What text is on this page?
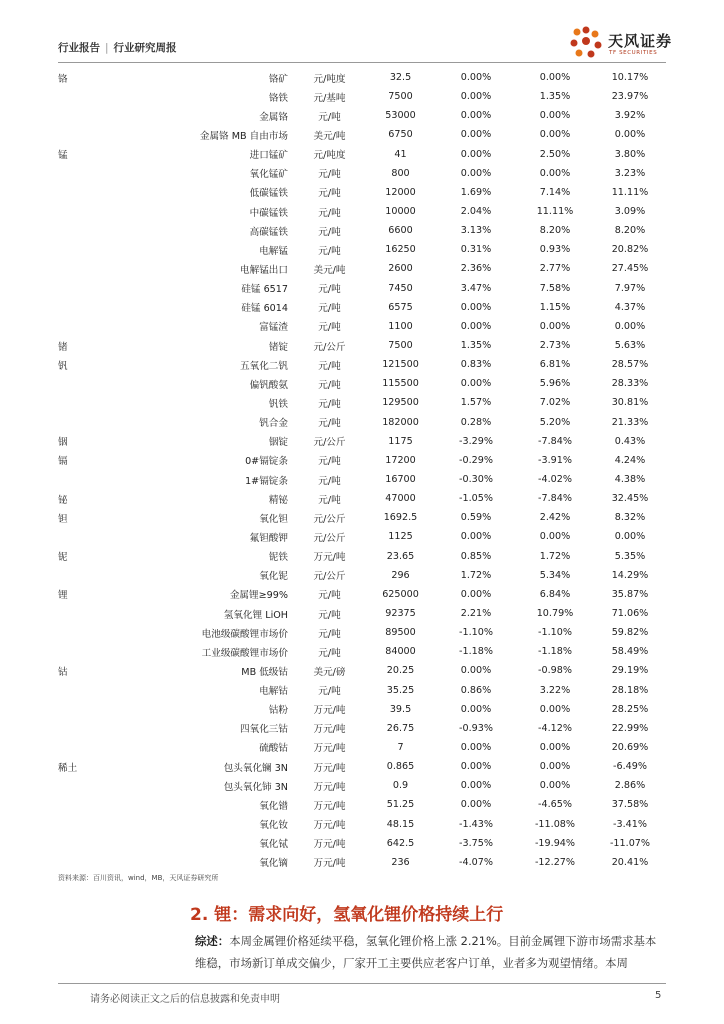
行业报告 | 行业研究周报	天风证券
TF SECURITIES
铬	铬矿	元/吨度	32.5	0.00%	0.00%	10.17%
	铬铁	元/基吨	7500	0.00%	1.35%	23.97%
	金属铬	元/吨	53000	0.00%	0.00%	3.92%
	金属铬 MB 自由市场	美元/吨	6750	0.00%	0.00%	0.00%
锰	进口锰矿	元/吨度	41	0.00%	2.50%	3.80%
	氧化锰矿	元/吨	800	0.00%	0.00%	3.23%
	低碳锰铁	元/吨	12000	1.69%	7.14%	11.11%
	中碳锰铁	元/吨	10000	2.04%	11.11%	3.09%
	高碳锰铁	元/吨	6600	3.13%	8.20%	8.20%
	电解锰	元/吨	16250	0.31%	0.93%	20.82%
	电解锰出口	美元/吨	2600	2.36%	2.77%	27.45%
	硅锰 6517	元/吨	7450	3.47%	7.58%	7.97%
	硅锰 6014	元/吨	6575	0.00%	1.15%	4.37%
	富锰渣	元/吨	1100	0.00%	0.00%	0.00%
锗	锗锭	元/公斤	7500	1.35%	2.73%	5.63%
钒	五氧化二钒	元/吨	121500	0.83%	6.81%	28.57%
	偏钒酸氨	元/吨	115500	0.00%	5.96%	28.33%
	钒铁	元/吨	129500	1.57%	7.02%	30.81%
	钒合金	元/吨	182000	0.28%	5.20%	21.33%
铟	铟锭	元/公斤	1175	-3.29%	-7.84%	0.43%
镉	0#镉锭条	元/吨	17200	-0.29%	-3.91%	4.24%
	1#镉锭条	元/吨	16700	-0.30%	-4.02%	4.38%
铋	精铋	元/吨	47000	-1.05%	-7.84%	32.45%
钽	氧化钽	元/公斤	1692.5	0.59%	2.42%	8.32%
	氟钽酸钾	元/公斤	1125	0.00%	0.00%	0.00%
铌	铌铁	万元/吨	23.65	0.85%	1.72%	5.35%
	氧化铌	元/公斤	296	1.72%	5.34%	14.29%
锂	金属锂≥99%	元/吨	625000	0.00%	6.84%	35.87%
	氢氧化锂 LiOH	元/吨	92375	2.21%	10.79%	71.06%
	电池级碳酸锂市场价	元/吨	89500	-1.10%	-1.10%	59.82%
	工业级碳酸锂市场价	元/吨	84000	-1.18%	-1.18%	58.49%
钴	MB 低级钴	美元/磅	20.25	0.00%	-0.98%	29.19%
	电解钴	元/吨	35.25	0.86%	3.22%	28.18%
	钴粉	万元/吨	39.5	0.00%	0.00%	28.25%
	四氧化三钴	万元/吨	26.75	-0.93%	-4.12%	22.99%
	硫酸钴	万元/吨	7	0.00%	0.00%	20.69%
稀土	包头氧化镧 3N	万元/吨	0.865	0.00%	0.00%	-6.49%
	包头氧化铈 3N	万元/吨	0.9	0.00%	0.00%	2.86%
	氧化镨	万元/吨	51.25	0.00%	-4.65%	37.58%
	氧化钕	万元/吨	48.15	-1.43%	-11.08%	-3.41%
	氧化铽	万元/吨	642.5	-3.75%	-19.94%	-11.07%
	氧化镝	万元/吨	236	-4.07%	-12.27%	20.41%
资料来源：百川资讯，wind，MB，天风证券研究所
2. 锂：需求向好，氢氧化锂价格持续上行
综述：本周金属锂价格延续平稳，氢氧化锂价格上涨 2.21%。目前金属锂下游市场需求基本维稳，市场新订单成交偏少，厂家开工主要供应老客户订单，业者多为观望情绪。本周
请务必阅读正文之后的信息披露和免责申明	5
